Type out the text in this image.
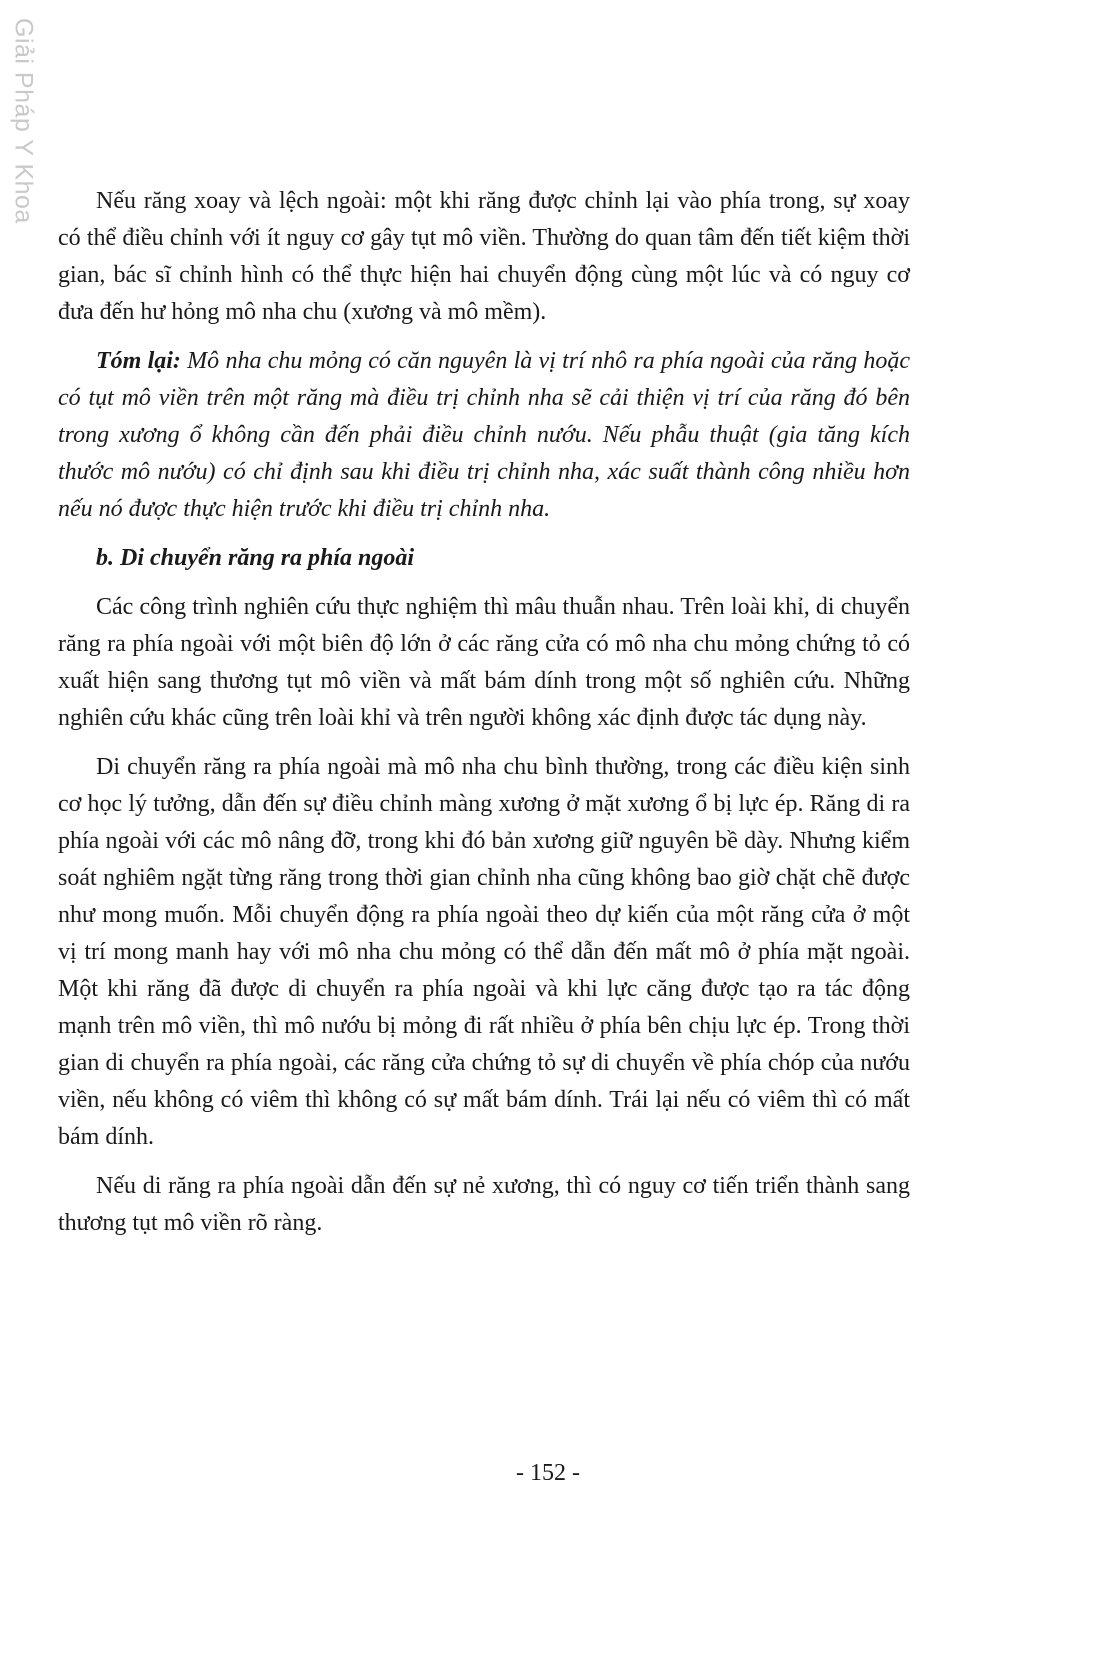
Giải Pháp Y Khoa	Nếu răng xoay và lệch ngoài: một khi răng được chỉnh lại vào phía trong, sự xoay có thể điều chỉnh với ít nguy cơ gây tụt mô viền. Thường do quan tâm đến tiết kiệm thời gian, bác sĩ chỉnh hình có thể thực hiện hai chuyển động cùng một lúc và có nguy cơ đưa đến hư hỏng mô nha chu (xương và mô mềm).

Tóm lại: Mô nha chu mỏng có căn nguyên là vị trí nhô ra phía ngoài của răng hoặc có tụt mô viền trên một răng mà điều trị chỉnh nha sẽ cải thiện vị trí của răng đó bên trong xương ổ không cần đến phải điều chỉnh nướu. Nếu phẫu thuật (gia tăng kích thước mô nướu) có chỉ định sau khi điều trị chỉnh nha, xác suất thành công nhiều hơn nếu nó được thực hiện trước khi điều trị chỉnh nha.

b. Di chuyển răng ra phía ngoài

Các công trình nghiên cứu thực nghiệm thì mâu thuẫn nhau. Trên loài khỉ, di chuyển răng ra phía ngoài với một biên độ lớn ở các răng cửa có mô nha chu mỏng chứng tỏ có xuất hiện sang thương tụt mô viền và mất bám dính trong một số nghiên cứu. Những nghiên cứu khác cũng trên loài khỉ và trên người không xác định được tác dụng này.

Di chuyển răng ra phía ngoài mà mô nha chu bình thường, trong các điều kiện sinh cơ học lý tưởng, dẫn đến sự điều chỉnh màng xương ở mặt xương ổ bị lực ép. Răng di ra phía ngoài với các mô nâng đỡ, trong khi đó bản xương giữ nguyên bề dày. Nhưng kiểm soát nghiêm ngặt từng răng trong thời gian chỉnh nha cũng không bao giờ chặt chẽ được như mong muốn. Mỗi chuyển động ra phía ngoài theo dự kiến của một răng cửa ở một vị trí mong manh hay với mô nha chu mỏng có thể dẫn đến mất mô ở phía mặt ngoài. Một khi răng đã được di chuyển ra phía ngoài và khi lực căng được tạo ra tác động mạnh trên mô viền, thì mô nướu bị mỏng đi rất nhiều ở phía bên chịu lực ép. Trong thời gian di chuyển ra phía ngoài, các răng cửa chứng tỏ sự di chuyển về phía chóp của nướu viền, nếu không có viêm thì không có sự mất bám dính. Trái lại nếu có viêm thì có mất bám dính.

Nếu di răng ra phía ngoài dẫn đến sự nẻ xương, thì có nguy cơ tiến triển thành sang thương tụt mô viền rõ ràng.

- 152 -
